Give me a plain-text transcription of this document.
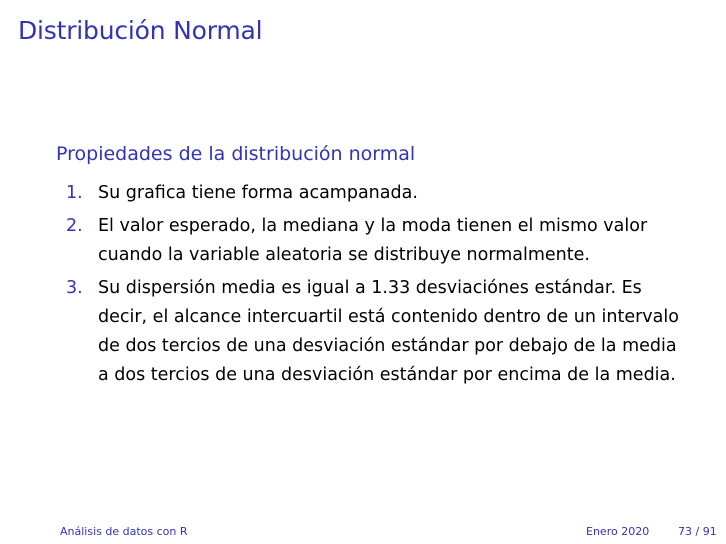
Distribución Normal
Propiedades de la distribución normal
1. Su grafica tiene forma acampanada.
2. El valor esperado, la mediana y la moda tienen el mismo valor
cuando la variable aleatoria se distribuye normalmente.
3. Su dispersión media es igual a 1.33 desviaciónes estándar. Es
decir, el alcance intercuartil está contenido dentro de un intervalo
de dos tercios de una desviación estándar por debajo de la media
a dos tercios de una desviación estándar por encima de la media.
Análisis de datos con R	Enero 2020	73 / 91
